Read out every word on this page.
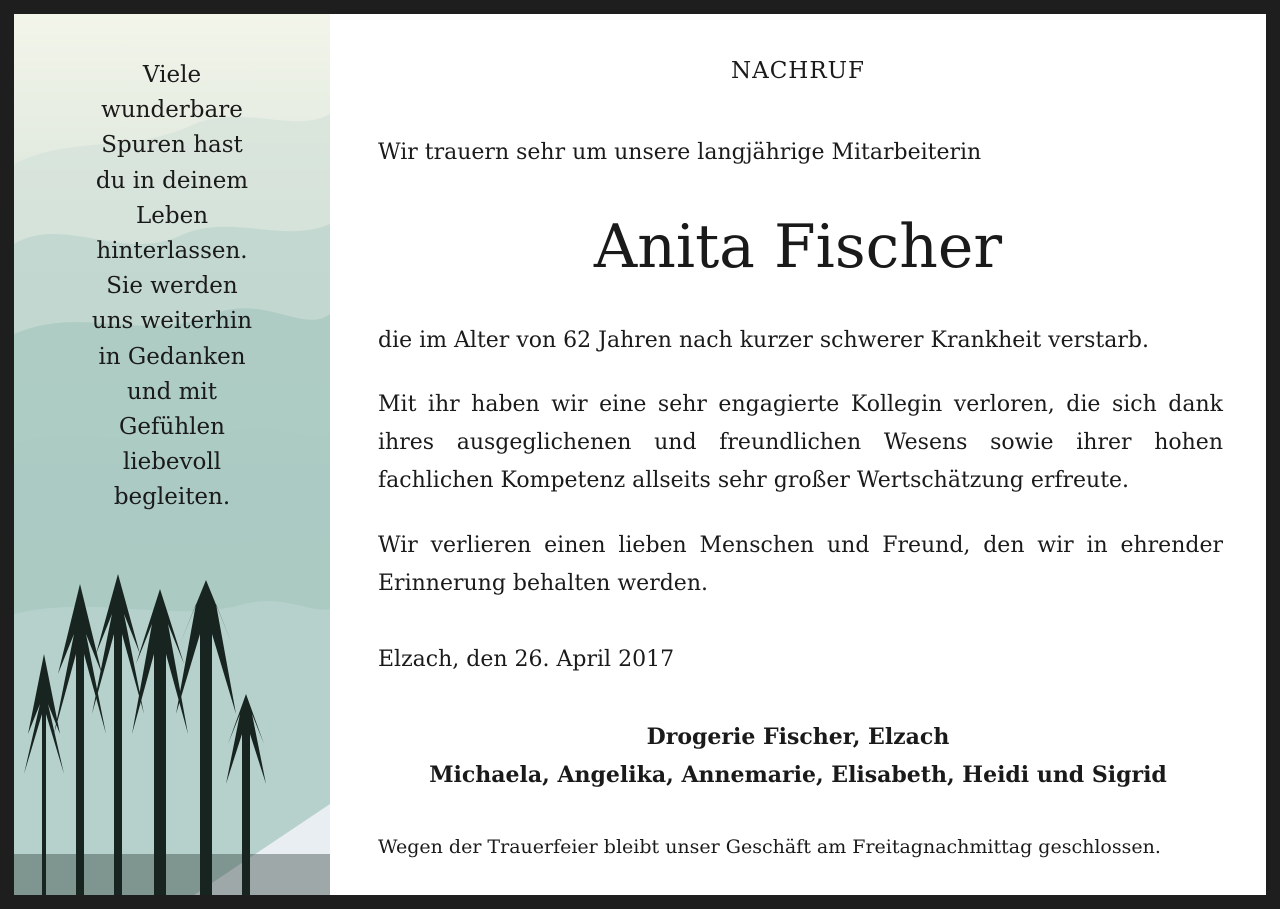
Viele
wunderbare
Spuren hast
du in deinem
Leben
hinterlassen.
Sie werden
uns weiterhin
in Gedanken
und mit
Gefühlen
liebevoll
begleiten.

NACHRUF

Wir trauern sehr um unsere langjährige Mitarbeiterin

Anita Fischer

die im Alter von 62 Jahren nach kurzer schwerer Krankheit verstarb.

Mit ihr haben wir eine sehr engagierte Kollegin verloren, die sich dank ihres ausgeglichenen und freundlichen Wesens sowie ihrer hohen fachlichen Kompetenz allseits sehr großer Wertschätzung erfreute.

Wir verlieren einen lieben Menschen und Freund, den wir in ehrender Erinnerung behalten werden.

Elzach, den 26. April 2017

Drogerie Fischer, Elzach
Michaela, Angelika, Annemarie, Elisabeth, Heidi und Sigrid

Wegen der Trauerfeier bleibt unser Geschäft am Freitagnachmittag geschlossen.
